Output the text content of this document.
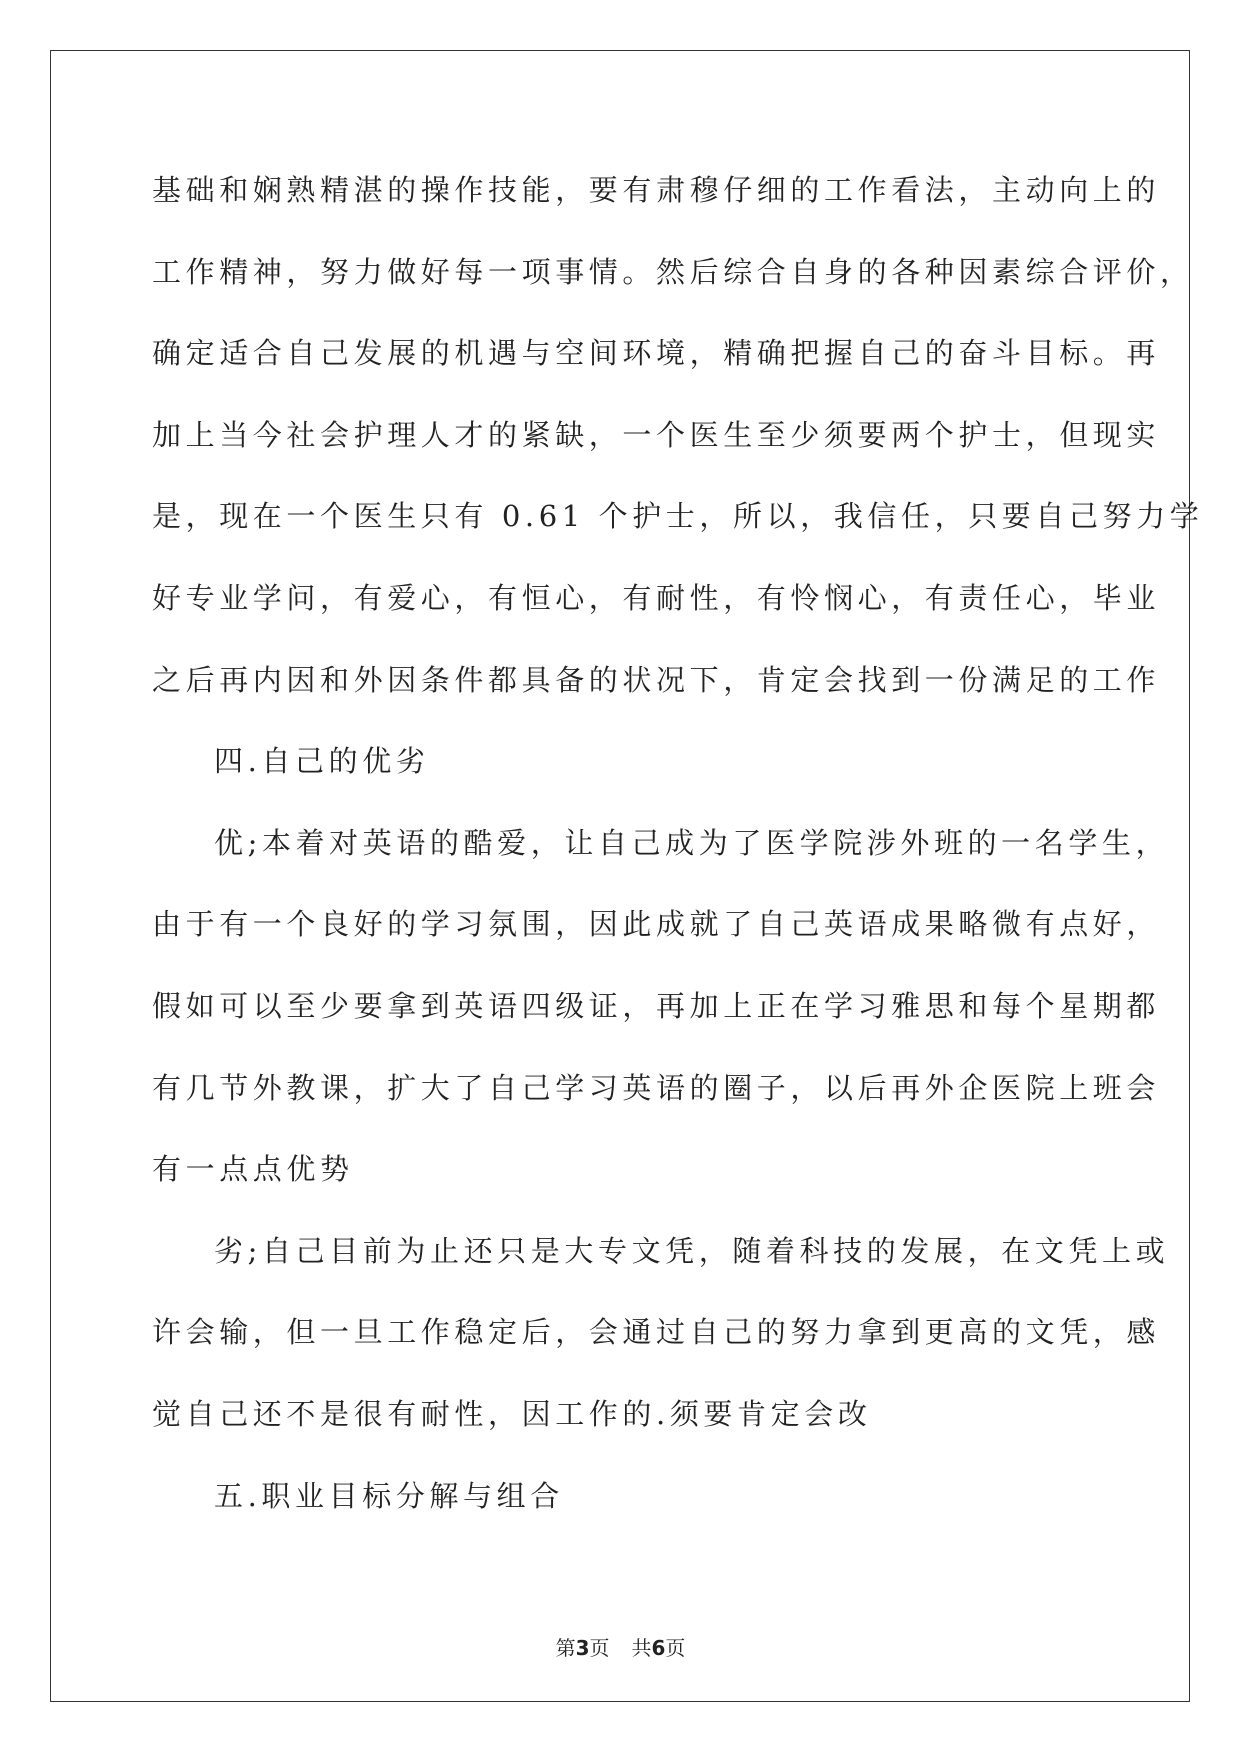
基础和娴熟精湛的操作技能，要有肃穆仔细的工作看法，主动向上的
工作精神，努力做好每一项事情。然后综合自身的各种因素综合评价，
确定适合自己发展的机遇与空间环境，精确把握自己的奋斗目标。再
加上当今社会护理人才的紧缺，一个医生至少须要两个护士，但现实
是，现在一个医生只有 0.61 个护士，所以，我信任，只要自己努力学
好专业学问，有爱心，有恒心，有耐性，有怜悯心，有责任心，毕业
之后再内因和外因条件都具备的状况下，肯定会找到一份满足的工作
四.自己的优劣
优;本着对英语的酷爱，让自己成为了医学院涉外班的一名学生，
由于有一个良好的学习氛围，因此成就了自己英语成果略微有点好，
假如可以至少要拿到英语四级证，再加上正在学习雅思和每个星期都
有几节外教课，扩大了自己学习英语的圈子，以后再外企医院上班会
有一点点优势
劣;自己目前为止还只是大专文凭，随着科技的发展，在文凭上或
许会输，但一旦工作稳定后，会通过自己的努力拿到更高的文凭，感
觉自己还不是很有耐性，因工作的.须要肯定会改
五.职业目标分解与组合
第3页 共6页
